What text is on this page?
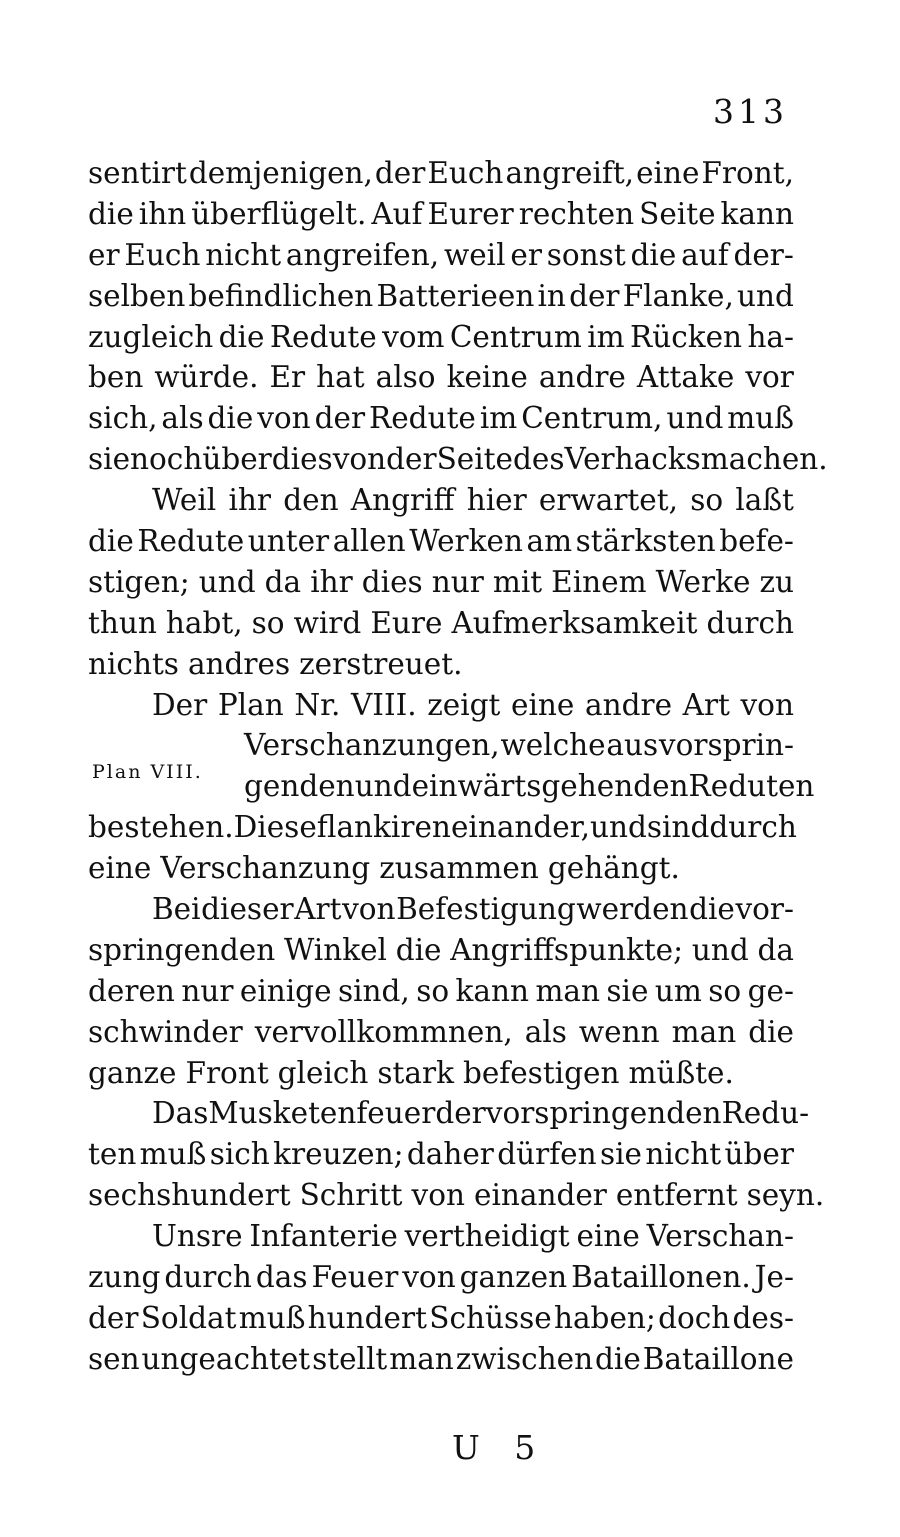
313
Plan VIII.
sentirt demjenigen, der Euch angreift, eine Front,
die ihn überflügelt. Auf Eurer rechten Seite kann
er Euch nicht angreifen, weil er sonst die auf der-
selben befindlichen Batterieen in der Flanke, und
zugleich die Redute vom Centrum im Rücken ha-
ben würde. Er hat also keine andre Attake vor
sich, als die von der Redute im Centrum, und muß
sie noch überdies von der Seite des Verhacks machen.
Weil ihr den Angriff hier erwartet, so laßt
die Redute unter allen Werken am stärksten befe-
stigen; und da ihr dies nur mit Einem Werke zu
thun habt, so wird Eure Aufmerksamkeit durch
nichts andres zerstreuet.
Der Plan Nr. VIII. zeigt eine andre Art von
Verschanzungen, welche aus vorsprin-
genden und einwärts gehenden Reduten
bestehen. Diese flankiren einander, und sind durch
eine Verschanzung zusammen gehängt.
Bei dieser Art von Befestigung werden die vor-
springenden Winkel die Angriffspunkte; und da
deren nur einige sind, so kann man sie um so ge-
schwinder vervollkommnen, als wenn man die
ganze Front gleich stark befestigen müßte.
Das Musketenfeuer der vorspringenden Redu-
ten muß sich kreuzen; daher dürfen sie nicht über
sechshundert Schritt von einander entfernt seyn.
Unsre Infanterie vertheidigt eine Verschan-
zung durch das Feuer von ganzen Bataillonen. Je-
der Soldat muß hundert Schüsse haben; doch des-
sen ungeachtet stellt man zwischen die Bataillone
U 5
